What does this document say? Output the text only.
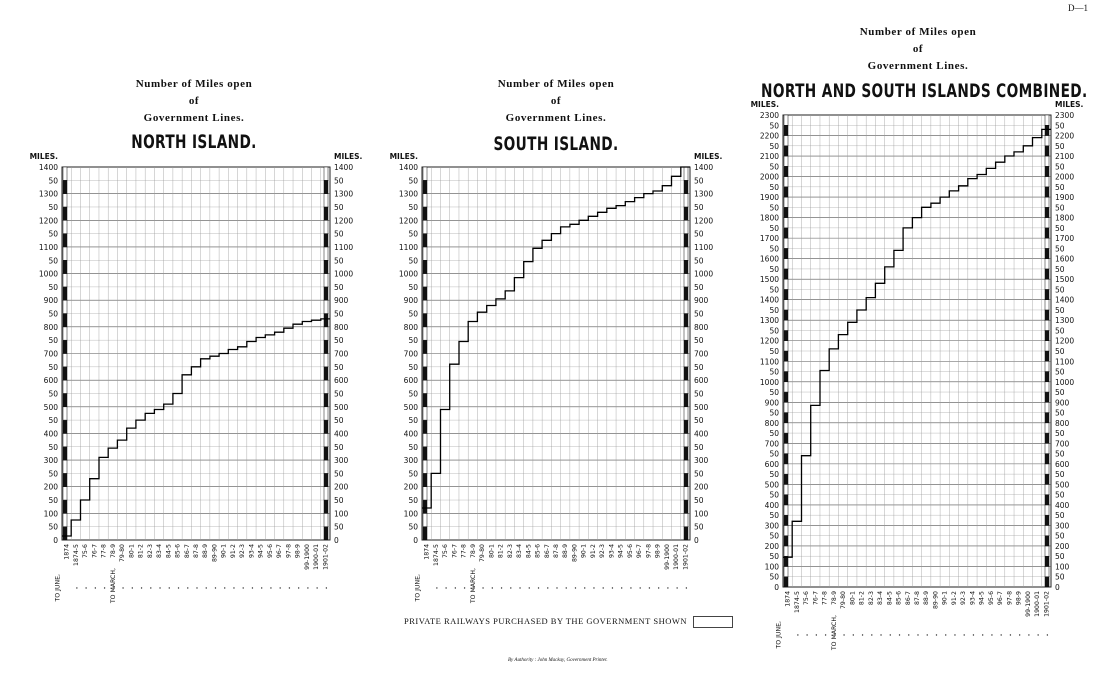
D—1
Number of Miles open
of
Government Lines.
NORTH ISLAND.
0	0
50	50
100	100
50	50
200	200
50	50
300	300
50	50
400	400
50	50
500	500
50	50
600	600
50	50
700	700
50	50
800	800
50	50
900	900
50	50
1000	1000
50	50
1100	1100
50	50
1200	1200
50	50
1300	1300
50	50
1400	1400
MILES.	MILES.
1874 1874-5 75-6 76-7 77-8 78-9 79-80 80-1 81-2 82-3 83-4 84-5 85-6 86-7 87-8 88-9 89-90 90-1 91-2 92-3 93-4 94-5 95-6 96-7 97-8 98-9 99-1900 1900-01 1901-02
TO JUNE,	TO MARCH,
Number of Miles open
of
Government Lines.
SOUTH ISLAND.
0	0
50	50
100	100
50	50
200	200
50	50
300	300
50	50
400	400
50	50
500	500
50	50
600	600
50	50
700	700
50	50
800	800
50	50
900	900
50	50
1000	1000
50	50
1100	1100
50	50
1200	1200
50	50
1300	1300
50	50
1400	1400
MILES.	MILES.
1874 1874-5 75-6 76-7 77-8 78-9 79-80 80-1 81-2 82-3 83-4 84-5 85-6 86-7 87-8 88-9 89-90 90-1 91-2 92-3 93-4 94-5 95-6 96-7 97-8 98-9 99-1900 1900-01 1901-02
TO JUNE,	TO MARCH,
Number of Miles open
of
Government Lines.
NORTH AND SOUTH ISLANDS COMBINED.
0	0
50	50
100	100
50	50
200	200
50	50
300	300
50	50
400	400
50	50
500	500
50	50
600	600
50	50
700	700
50	50
800	800
50	50
900	900
50	50
1000	1000
50	50
1100	1100
50	50
1200	1200
50	50
1300	1300
50	50
1400	1400
50	50
1500	1500
50	50
1600	1600
50	50
1700	1700
50	50
1800	1800
50	50
1900	1900
50	50
2000	2000
50	50
2100	2100
50	50
2200	2200
50	50
2300	2300
MILES.	MILES.
1874 1874-5 75-6 76-7 77-8 78-9 79-80 80-1 81-2 82-3 83-4 84-5 85-6 86-7 87-8 88-9 89-90 90-1 91-2 92-3 93-4 94-5 95-6 96-7 97-8 98-9 99-1900 1900-01 1901-02
TO JUNE,	TO MARCH,
PRIVATE RAILWAYS PURCHASED BY THE GOVERNMENT SHOWN
By Authority : John Mackay, Government Printer.
